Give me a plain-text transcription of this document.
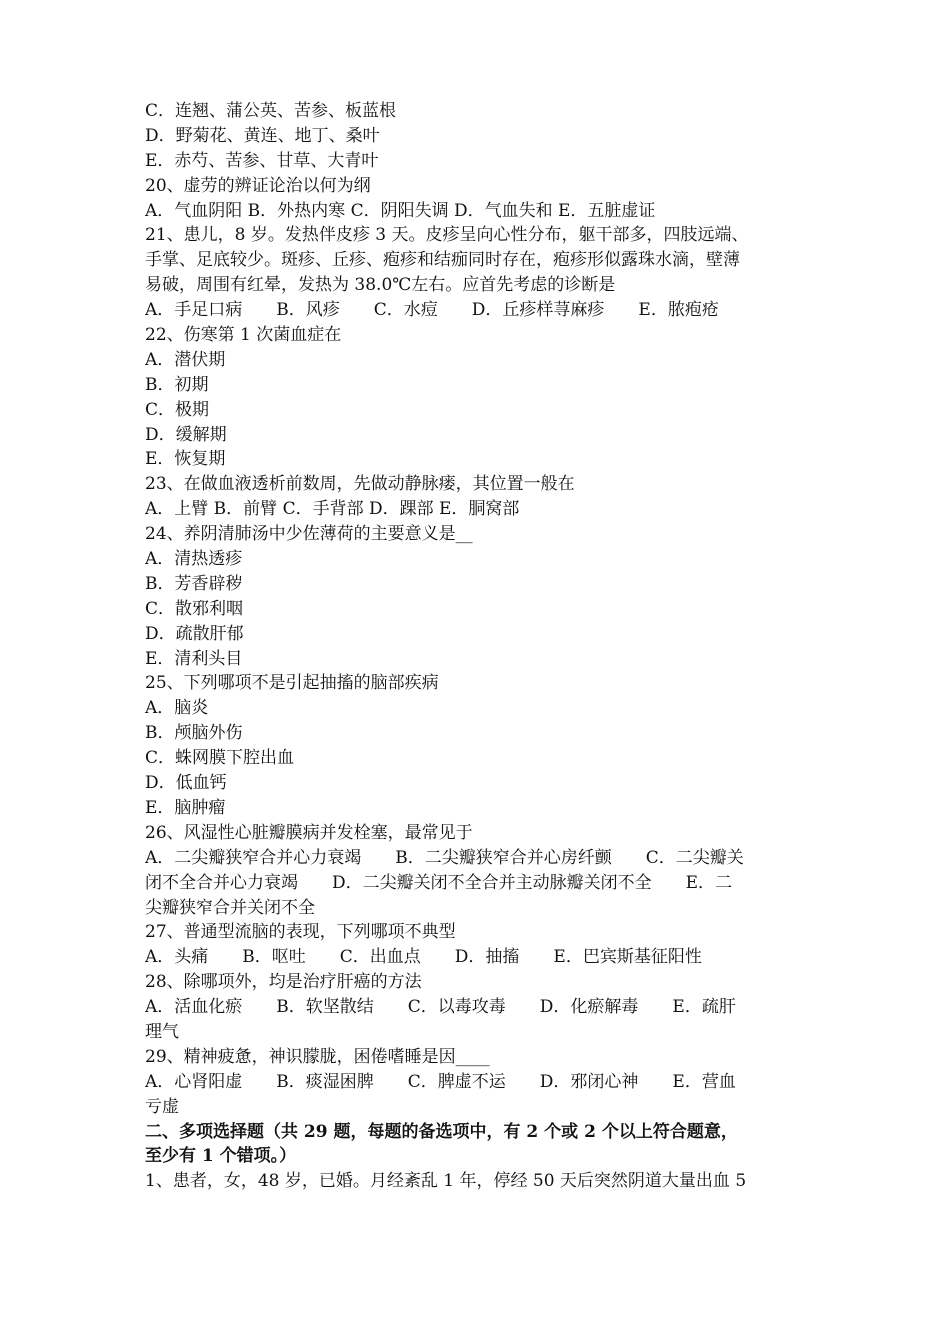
C．连翘、蒲公英、苦参、板蓝根
D．野菊花、黄连、地丁、桑叶
E．赤芍、苦参、甘草、大青叶
20、虚劳的辨证论治以何为纲
A．气血阴阳 B．外热内寒 C．阴阳失调 D．气血失和 E．五脏虚证
21、患儿，8 岁。发热伴皮疹 3 天。皮疹呈向心性分布，躯干部多，四肢远端、
手掌、足底较少。斑疹、丘疹、疱疹和结痂同时存在，疱疹形似露珠水滴，壁薄
易破，周围有红晕，发热为 38.0℃左右。应首先考虑的诊断是
A．手足口病　　B．风疹　　C．水痘　　D．丘疹样荨麻疹　　E．脓疱疮
22、伤寒第 1 次菌血症在
A．潜伏期
B．初期
C．极期
D．缓解期
E．恢复期
23、在做血液透析前数周，先做动静脉瘘，其位置一般在
A．上臂 B．前臂 C．手背部 D．踝部 E．胴窝部
24、养阴清肺汤中少佐薄荷的主要意义是__
A．清热透疹
B．芳香辟秽
C．散邪利咽
D．疏散肝郁
E．清利头目
25、下列哪项不是引起抽搐的脑部疾病
A．脑炎
B．颅脑外伤
C．蛛网膜下腔出血
D．低血钙
E．脑肿瘤
26、风湿性心脏瓣膜病并发栓塞，最常见于
A．二尖瓣狭窄合并心力衰竭　　B．二尖瓣狭窄合并心房纤颤　　C．二尖瓣关
闭不全合并心力衰竭　　D．二尖瓣关闭不全合并主动脉瓣关闭不全　　E．二
尖瓣狭窄合并关闭不全
27、普通型流脑的表现，下列哪项不典型
A．头痛　　B．呕吐　　C．出血点　　D．抽搐　　E．巴宾斯基征阳性
28、除哪项外，均是治疗肝癌的方法
A．活血化瘀　　B．软坚散结　　C．以毒攻毒　　D．化瘀解毒　　E．疏肝
理气
29、精神疲惫，神识朦胧，困倦嗜睡是因____
A．心肾阳虚　　B．痰湿困脾　　C．脾虚不运　　D．邪闭心神　　E．营血
亏虚
二、多项选择题（共 29 题，每题的备选项中，有 2 个或 2 个以上符合题意，
至少有 1 个错项。）
1、患者，女，48 岁，已婚。月经紊乱 1 年，停经 50 天后突然阴道大量出血 5
